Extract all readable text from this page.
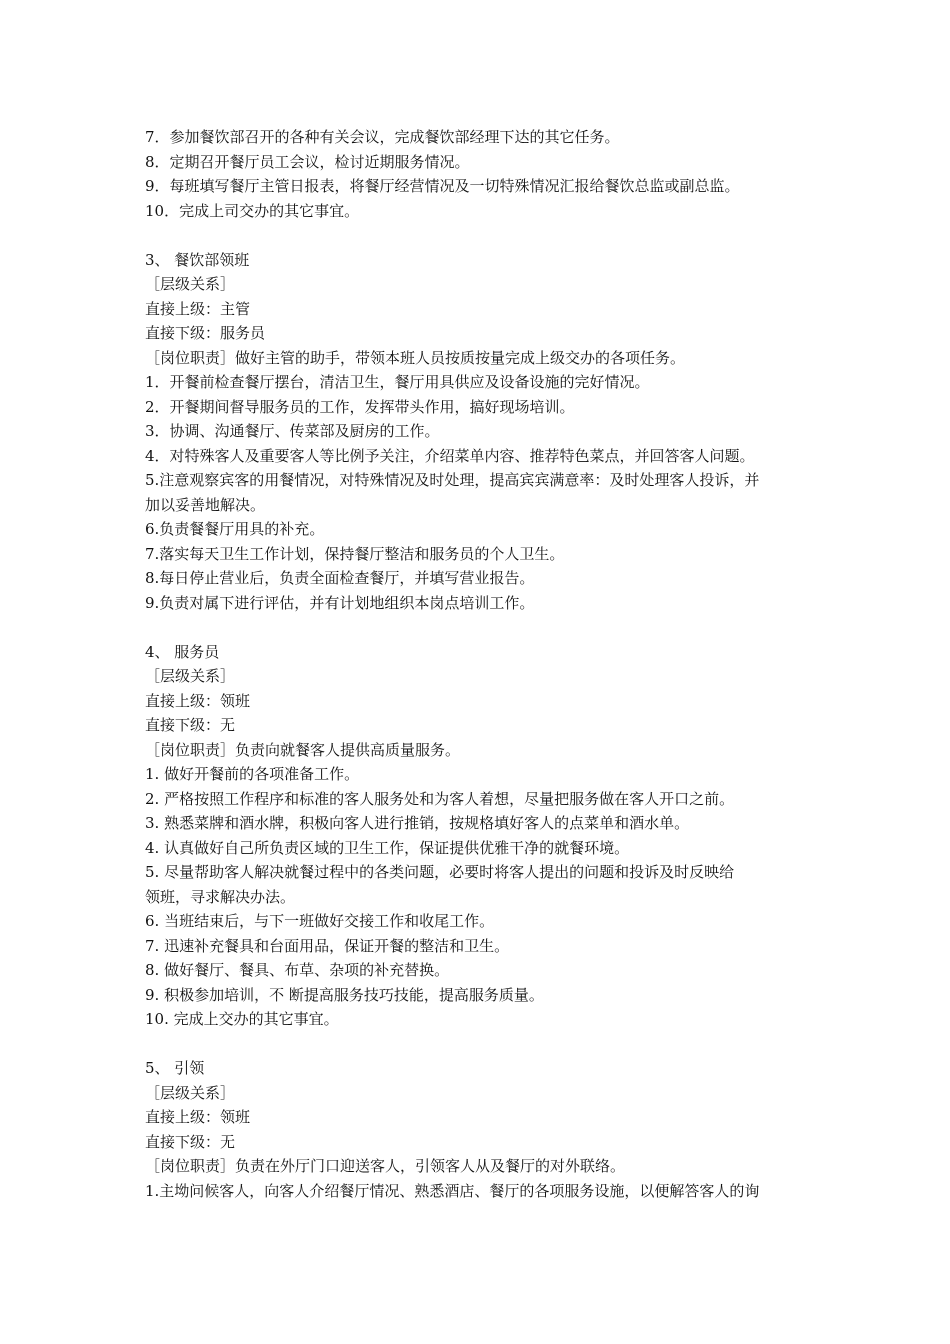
7．参加餐饮部召开的各种有关会议，完成餐饮部经理下达的其它任务。
8．定期召开餐厅员工会议，检讨近期服务情况。
9．每班填写餐厅主管日报表，将餐厅经营情况及一切特殊情况汇报给餐饮总监或副总监。
10．完成上司交办的其它事宜。
3、 餐饮部领班
［层级关系］
直接上级：主管
直接下级：服务员
［岗位职责］做好主管的助手，带领本班人员按质按量完成上级交办的各项任务。
1．开餐前检查餐厅摆台，清洁卫生，餐厅用具供应及设备设施的完好情况。
2．开餐期间督导服务员的工作，发挥带头作用，搞好现场培训。
3．协调、沟通餐厅、传菜部及厨房的工作。
4．对特殊客人及重要客人等比例予关注，介绍菜单内容、推荐特色菜点，并回答客人问题。
5.注意观察宾客的用餐情况，对特殊情况及时处理，提高宾宾满意率：及时处理客人投诉，并
加以妥善地解决。
6.负责餐餐厅用具的补充。
7.落实每天卫生工作计划，保持餐厅整洁和服务员的个人卫生。
8.每日停止营业后，负责全面检查餐厅，并填写营业报告。
9.负责对属下进行评估，并有计划地组织本岗点培训工作。
4、 服务员
［层级关系］
直接上级：领班
直接下级：无
［岗位职责］负责向就餐客人提供高质量服务。
1. 做好开餐前的各项准备工作。
2. 严格按照工作程序和标准的客人服务处和为客人着想，尽量把服务做在客人开口之前。
3. 熟悉菜牌和酒水牌，积极向客人进行推销，按规格填好客人的点菜单和酒水单。
4. 认真做好自己所负责区域的卫生工作，保证提供优雅干净的就餐环境。
5. 尽量帮助客人解决就餐过程中的各类问题，必要时将客人提出的问题和投诉及时反映给
领班，寻求解决办法。
6. 当班结束后，与下一班做好交接工作和收尾工作。
7. 迅速补充餐具和台面用品，保证开餐的整洁和卫生。
8. 做好餐厅、餐具、布草、杂项的补充替换。
9. 积极参加培训，不 断提高服务技巧技能，提高服务质量。
10. 完成上交办的其它事宜。
5、 引领
［层级关系］
直接上级：领班
直接下级：无
［岗位职责］负责在外厅门口迎送客人，引领客人从及餐厅的对外联络。
1.主坳问候客人，向客人介绍餐厅情况、熟悉酒店、餐厅的各项服务设施，以便解答客人的询
